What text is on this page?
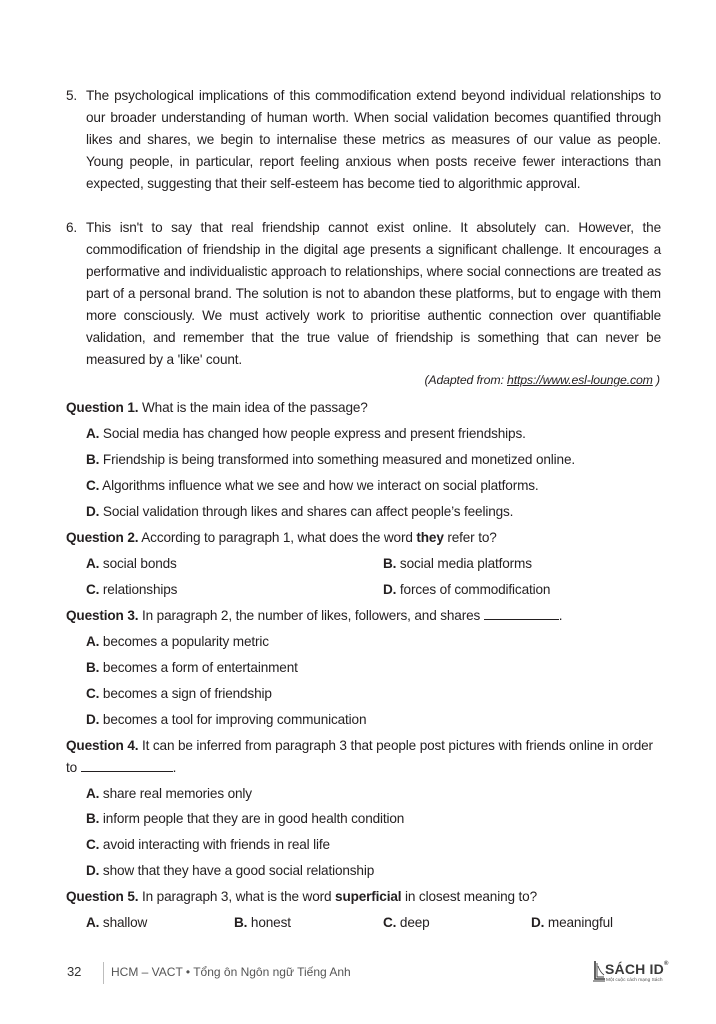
5. The psychological implications of this commodification extend beyond individual relationships to our broader understanding of human worth. When social validation becomes quantified through likes and shares, we begin to internalise these metrics as measures of our value as people. Young people, in particular, report feeling anxious when posts receive fewer interactions than expected, suggesting that their self-esteem has become tied to algorithmic approval.
6. This isn't to say that real friendship cannot exist online. It absolutely can. However, the commodification of friendship in the digital age presents a significant challenge. It encourages a performative and individualistic approach to relationships, where social connections are treated as part of a personal brand. The solution is not to abandon these platforms, but to engage with them more consciously. We must actively work to prioritise authentic connection over quantifiable validation, and remember that the true value of friendship is something that can never be measured by a 'like' count.
(Adapted from: https://www.esl-lounge.com )
Question 1. What is the main idea of the passage?
A. Social media has changed how people express and present friendships.
B. Friendship is being transformed into something measured and monetized online.
C. Algorithms influence what we see and how we interact on social platforms.
D. Social validation through likes and shares can affect people’s feelings.
Question 2. According to paragraph 1, what does the word they refer to?
A. social bonds	B. social media platforms
C. relationships	D. forces of commodification
Question 3. In paragraph 2, the number of likes, followers, and shares	.
A. becomes a popularity metric
B. becomes a form of entertainment
C. becomes a sign of friendship
D. becomes a tool for improving communication
Question 4. It can be inferred from paragraph 3 that people post pictures with friends online in order to	.
A. share real memories only
B. inform people that they are in good health condition
C. avoid interacting with friends in real life
D. show that they have a good social relationship
Question 5. In paragraph 3, what is the word superficial in closest meaning to?
A. shallow	B. honest	C. deep	D. meaningful
32 HCM – VACT • Tổng ôn Ngôn ngữ Tiếng Anh	SÁCH ID®
Một cuộc cách mạng Sách
